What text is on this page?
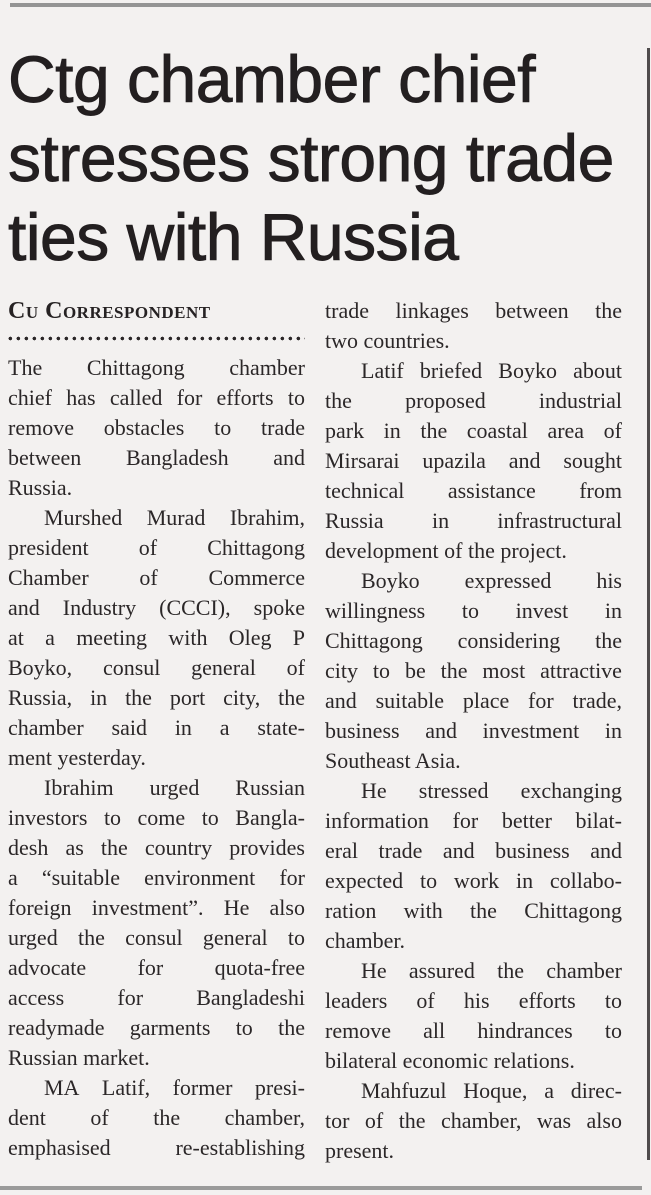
Ctg chamber chief
stresses strong trade
ties with Russia
Cu Correspondent
The Chittagong chamber
chief has called for efforts to
remove obstacles to trade
between Bangladesh and
Russia.
Murshed Murad Ibrahim,
president of Chittagong
Chamber of Commerce
and Industry (CCCI), spoke
at a meeting with Oleg P
Boyko, consul general of
Russia, in the port city, the
chamber said in a state-
ment yesterday.
Ibrahim urged Russian
investors to come to Bangla-
desh as the country provides
a “suitable environment for
foreign investment”. He also
urged the consul general to
advocate for quota-free
access for Bangladeshi
readymade garments to the
Russian market.
MA Latif, former presi-
dent of the chamber,
emphasised	re-establishing
trade linkages between the
two countries.
Latif briefed Boyko about
the proposed industrial
park in the coastal area of
Mirsarai upazila and sought
technical assistance from
Russia in infrastructural
development of the project.
Boyko expressed his
willingness to invest in
Chittagong considering the
city to be the most attractive
and suitable place for trade,
business and investment in
Southeast Asia.
He stressed exchanging
information for better bilat-
eral trade and business and
expected to work in collabo-
ration with the Chittagong
chamber.
He assured the chamber
leaders of his efforts to
remove all hindrances to
bilateral economic relations.
Mahfuzul Hoque, a direc-
tor of the chamber, was also
present.
